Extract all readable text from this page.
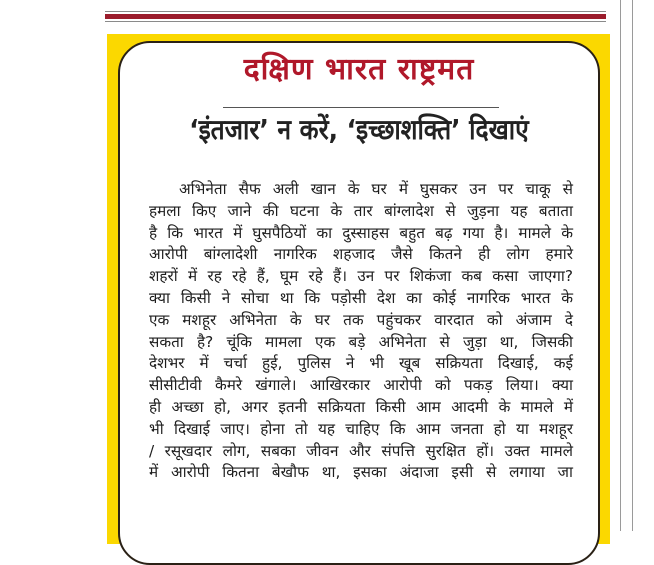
दक्षिण भारत राष्ट्रमत
‘इंतजार’ न करें, ‘इच्छाशक्ति’ दिखाएं
अभिनेता सैफ अली खान के घर में घुसकर उन पर चाकू से
हमला किए जाने की घटना के तार बांग्लादेश से जुड़ना यह बताता
है कि भारत में घुसपैठियों का दुस्साहस बहुत बढ़ गया है। मामले के
आरोपी बांग्लादेशी नागरिक शहजाद जैसे कितने ही लोग हमारे
शहरों में रह रहे हैं, घूम रहे हैं। उन पर शिकंजा कब कसा जाएगा?
क्या किसी ने सोचा था कि पड़ोसी देश का कोई नागरिक भारत के
एक मशहूर अभिनेता के घर तक पहुंचकर वारदात को अंजाम दे
सकता है? चूंकि मामला एक बड़े अभिनेता से जुड़ा था, जिसकी
देशभर में चर्चा हुई, पुलिस ने भी खूब सक्रियता दिखाई, कई
सीसीटीवी कैमरे खंगाले। आखिरकार आरोपी को पकड़ लिया। क्या
ही अच्छा हो, अगर इतनी सक्रियता किसी आम आदमी के मामले में
भी दिखाई जाए। होना तो यह चाहिए कि आम जनता हो या मशहूर
/ रसूखदार लोग, सबका जीवन और संपत्ति सुरक्षित हों। उक्त मामले
में आरोपी कितना बेखौफ था, इसका अंदाजा इसी से लगाया जा
